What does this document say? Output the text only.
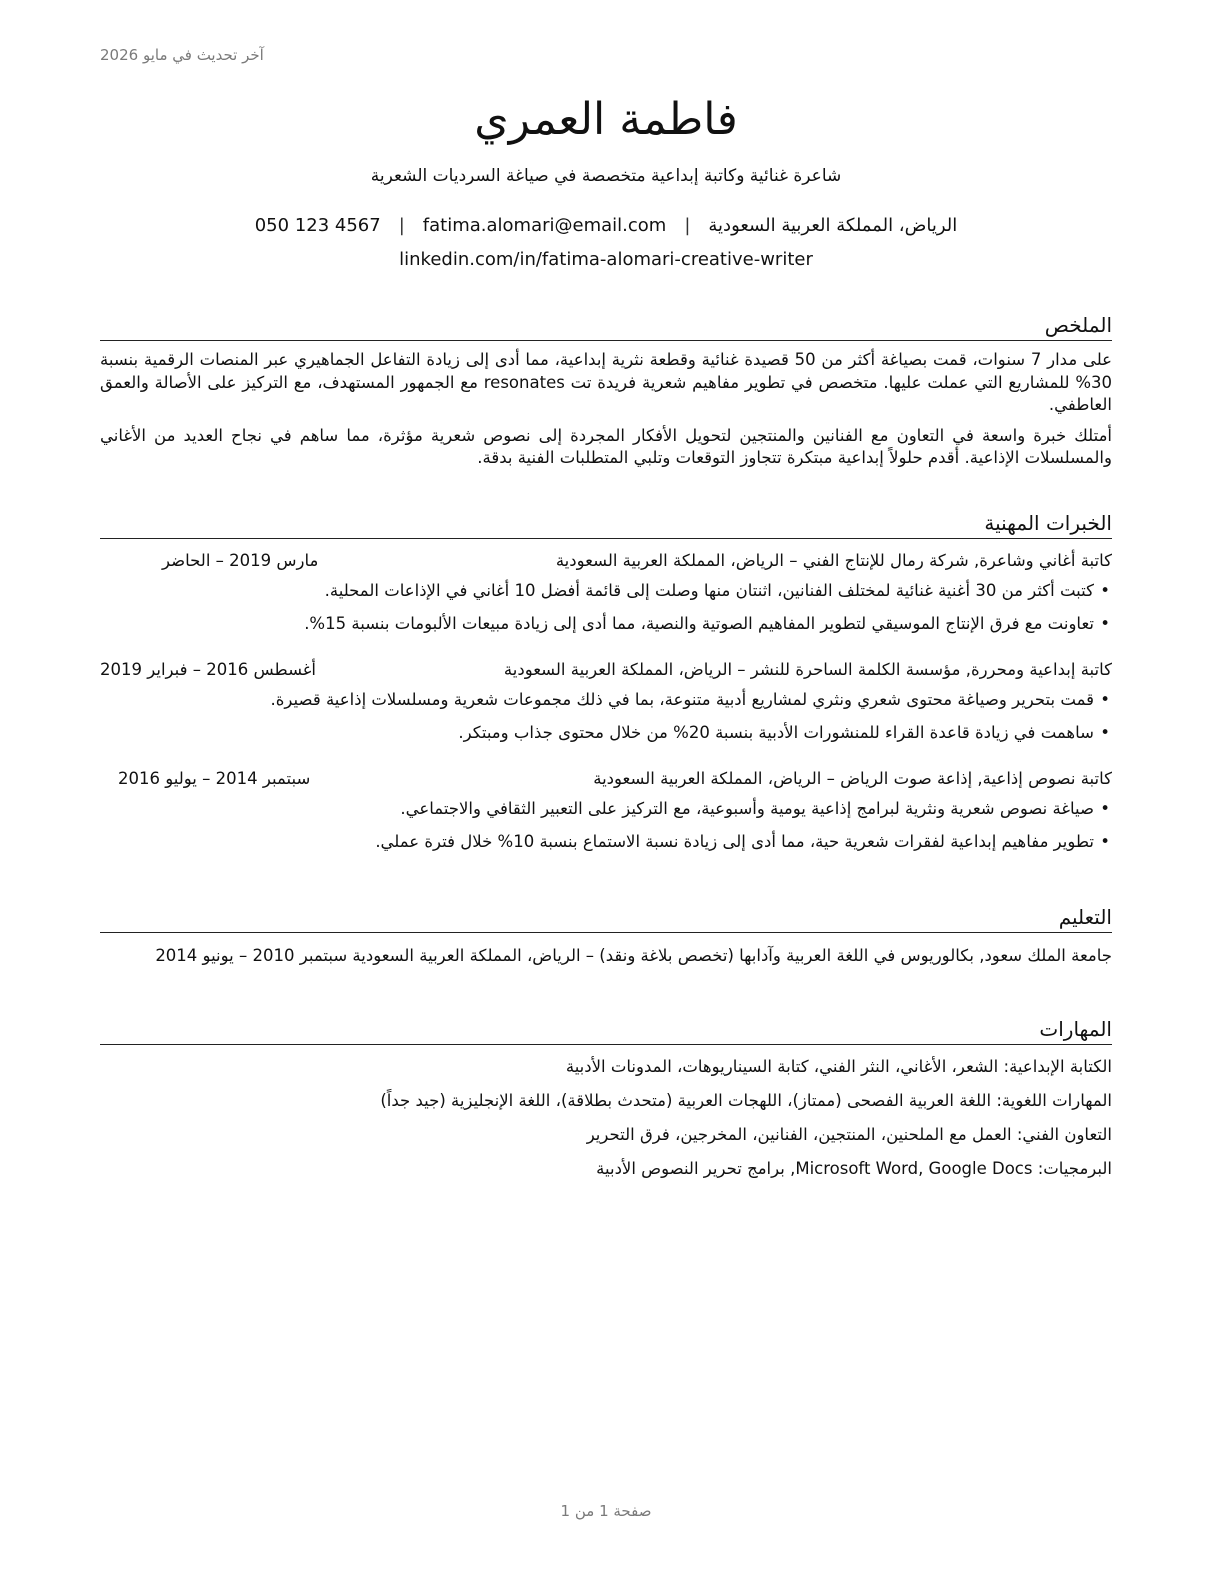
آخر تحديث في مايو 2026
فاطمة العمري
شاعرة غنائية وكاتبة إبداعية متخصصة في صياغة السرديات الشعرية
الرياض، المملكة العربية السعودية
|
fatima.alomari@email.com
|
050 123 4567
linkedin.com/in/fatima-alomari-creative-writer
الملخص

على مدار 7 سنوات، قمت بصياغة أكثر من 50 قصيدة غنائية وقطعة نثرية إبداعية، مما أدى إلى زيادة التفاعل الجماهيري عبر المنصات الرقمية بنسبة 30% للمشاريع التي عملت عليها. متخصص في تطوير مفاهيم شعرية فريدة تت resonates مع الجمهور المستهدف، مع التركيز على الأصالة والعمق العاطفي.

أمتلك خبرة واسعة في التعاون مع الفنانين والمنتجين لتحويل الأفكار المجردة إلى نصوص شعرية مؤثرة، مما ساهم في نجاح العديد من الأغاني والمسلسلات الإذاعية. أقدم حلولاً إبداعية مبتكرة تتجاوز التوقعات وتلبي المتطلبات الفنية بدقة.

الخبرات المهنية
كاتبة أغاني وشاعرة, شركة رمال للإنتاج الفني – الرياض، المملكة العربية السعودية
مارس 2019 – الحاضر
• كتبت أكثر من 30 أغنية غنائية لمختلف الفنانين، اثنتان منها وصلت إلى قائمة أفضل 10 أغاني في الإذاعات المحلية.
• تعاونت مع فرق الإنتاج الموسيقي لتطوير المفاهيم الصوتية والنصية، مما أدى إلى زيادة مبيعات الألبومات بنسبة 15%.
كاتبة إبداعية ومحررة, مؤسسة الكلمة الساحرة للنشر – الرياض، المملكة العربية السعودية
أغسطس 2016 – فبراير 2019
• قمت بتحرير وصياغة محتوى شعري ونثري لمشاريع أدبية متنوعة، بما في ذلك مجموعات شعرية ومسلسلات إذاعية قصيرة.
• ساهمت في زيادة قاعدة القراء للمنشورات الأدبية بنسبة 20% من خلال محتوى جذاب ومبتكر.
كاتبة نصوص إذاعية, إذاعة صوت الرياض – الرياض، المملكة العربية السعودية
سبتمبر 2014 – يوليو 2016
• صياغة نصوص شعرية ونثرية لبرامج إذاعية يومية وأسبوعية، مع التركيز على التعبير الثقافي والاجتماعي.
• تطوير مفاهيم إبداعية لفقرات شعرية حية، مما أدى إلى زيادة نسبة الاستماع بنسبة 10% خلال فترة عملي.
التعليم
جامعة الملك سعود, بكالوريوس في اللغة العربية وآدابها (تخصص بلاغة ونقد) – الرياض، المملكة العربية السعودية سبتمبر 2010 – يونيو 2014
المهارات
الكتابة الإبداعية: الشعر، الأغاني، النثر الفني، كتابة السيناريوهات، المدونات الأدبية
المهارات اللغوية: اللغة العربية الفصحى (ممتاز)، اللهجات العربية (متحدث بطلاقة)، اللغة الإنجليزية (جيد جداً)
التعاون الفني: العمل مع الملحنين، المنتجين، الفنانين، المخرجين، فرق التحرير
البرمجيات: Microsoft Word, Google Docs, برامج تحرير النصوص الأدبية
صفحة 1 من 1
